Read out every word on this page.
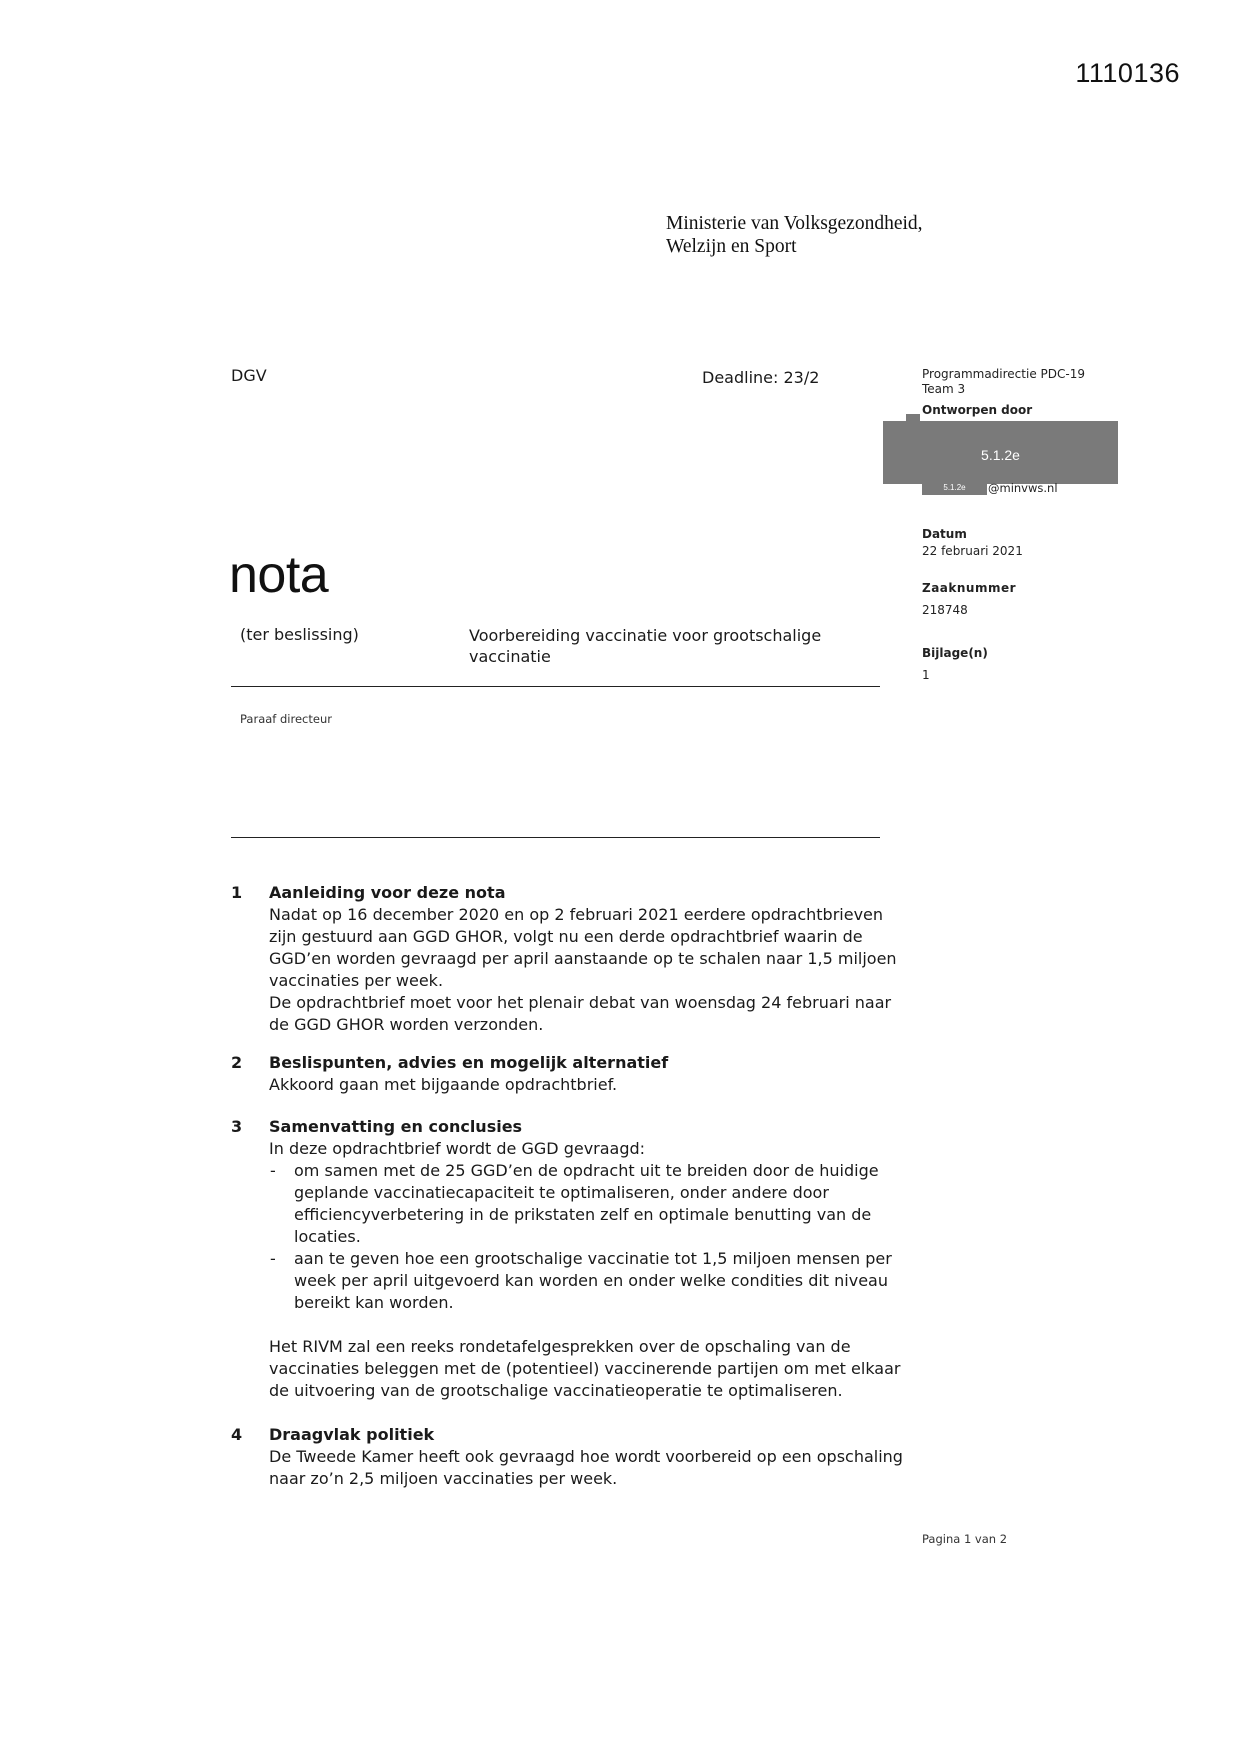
1110136
Ministerie van Volksgezondheid,
Welzijn en Sport
DGV	Deadline: 23/2	Programmadirectie PDC-19
Team 3
Ontworpen door
5.1.2e
5.1.2e	@minvws.nl
Datum
22 februari 2021
Zaaknummer
218748
Bijlage(n)
1
nota
(ter beslissing)	Voorbereiding vaccinatie voor grootschalige vaccinatie
Paraaf directeur
1 Aanleiding voor deze nota

Nadat op 16 december 2020 en op 2 februari 2021 eerdere opdrachtbrieven zijn gestuurd aan GGD GHOR, volgt nu een derde opdrachtbrief waarin de GGD’en worden gevraagd per april aanstaande op te schalen naar 1,5 miljoen vaccinaties per week.

De opdrachtbrief moet voor het plenair debat van woensdag 24 februari naar de GGD GHOR worden verzonden.

2 Beslispunten, advies en mogelijk alternatief

Akkoord gaan met bijgaande opdrachtbrief.

3 Samenvatting en conclusies

In deze opdrachtbrief wordt de GGD gevraagd:

- om samen met de 25 GGD’en de opdracht uit te breiden door de huidige geplande vaccinatiecapaciteit te optimaliseren, onder andere door efficiencyverbetering in de prikstaten zelf en optimale benutting van de locaties.
- aan te geven hoe een grootschalige vaccinatie tot 1,5 miljoen mensen per week per april uitgevoerd kan worden en onder welke condities dit niveau bereikt kan worden.

Het RIVM zal een reeks rondetafelgesprekken over de opschaling van de vaccinaties beleggen met de (potentieel) vaccinerende partijen om met elkaar de uitvoering van de grootschalige vaccinatieoperatie te optimaliseren.

4 Draagvlak politiek

De Tweede Kamer heeft ook gevraagd hoe wordt voorbereid op een opschaling naar zo’n 2,5 miljoen vaccinaties per week.

Pagina 1 van 2
